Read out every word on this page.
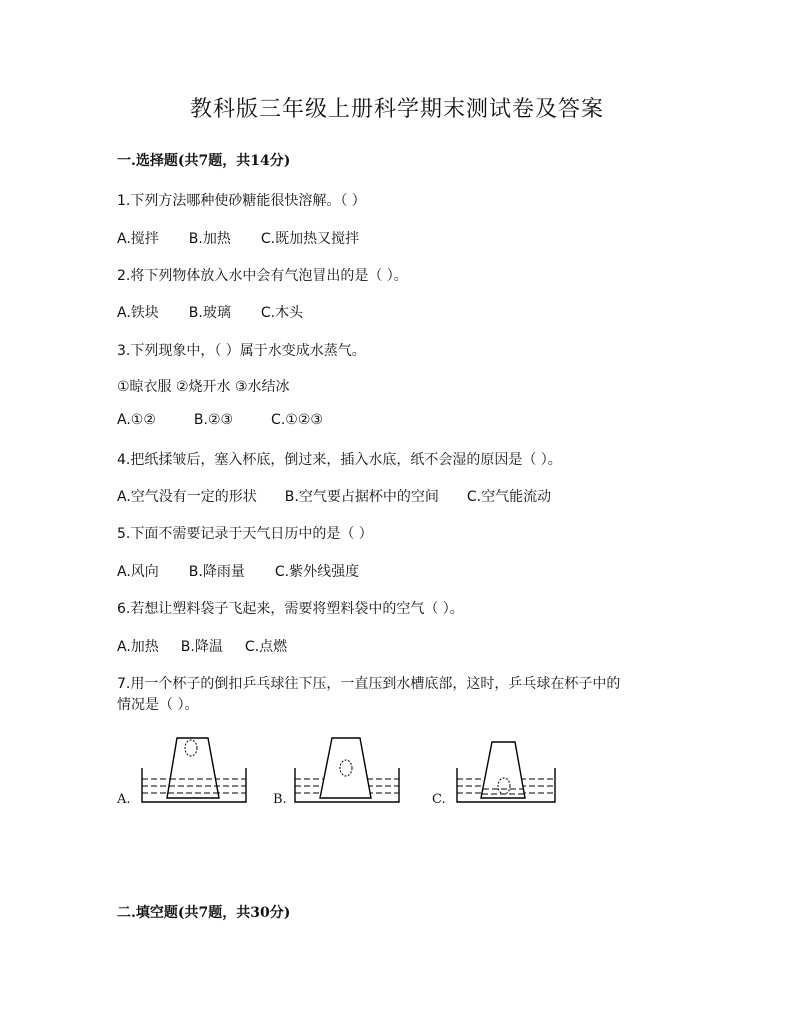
教科版三年级上册科学期末测试卷及答案
一.选择题(共7题，共14分)
1.下列方法哪种使砂糖能很快溶解。（ ）
A.搅拌 B.加热 C.既加热又搅拌
2.将下列物体放入水中会有气泡冒出的是（ ）。
A.铁块 B.玻璃 C.木头
3.下列现象中，（ ）属于水变成水蒸气。
①晾衣服 ②烧开水 ③水结冰
A.①②	B.②③	C.①②③
4.把纸揉皱后，塞入杯底，倒过来，插入水底，纸不会湿的原因是（ ）。
A.空气没有一定的形状 B.空气要占据杯中的空间 C.空气能流动
5.下面不需要记录于天气日历中的是（ ）
A.风向 B.降雨量 C.紫外线强度
6.若想让塑料袋子飞起来，需要将塑料袋中的空气（ ）。
A.加热 B.降温 C.点燃
7.用一个杯子的倒扣乒乓球往下压，一直压到水槽底部，这时，乒乓球在杯子中的
情况是（ ）。
A.	B.	C.
二.填空题(共7题，共30分)
